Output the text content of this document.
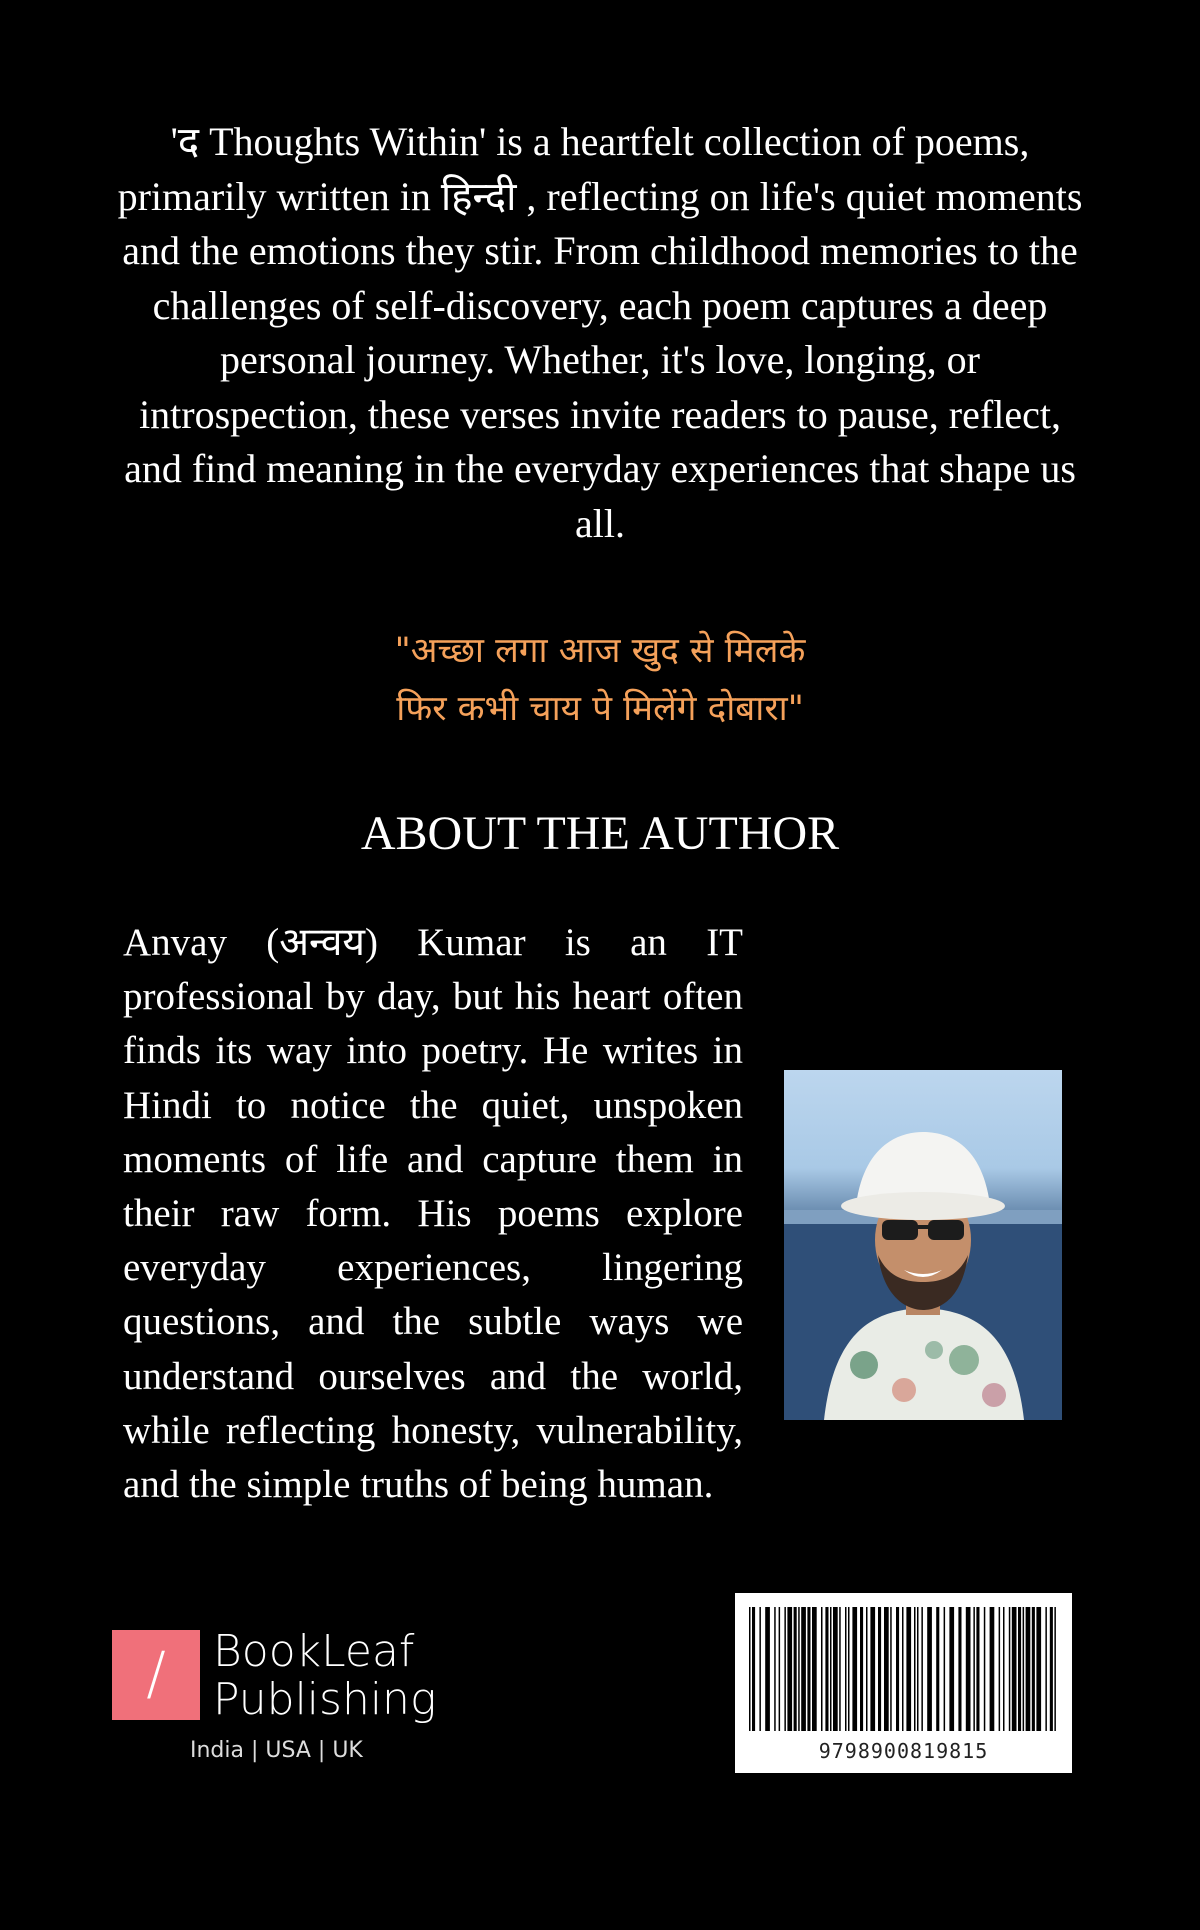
'द Thoughts Within' is a heartfelt collection of poems, primarily written in हिन्दी , reflecting on life's quiet moments and the emotions they stir. From childhood memories to the challenges of self-discovery, each poem captures a deep personal journey. Whether, it's love, longing, or introspection, these verses invite readers to pause, reflect, and find meaning in the everyday experiences that shape us all.

"अच्छा लगा आज खुद से मिलके
फिर कभी चाय पे मिलेंगे दोबारा"
ABOUT THE AUTHOR

Anvay (अन्वय) Kumar is an IT professional by day, but his heart often finds its way into poetry. He writes in Hindi to notice the quiet, unspoken moments of life and capture them in their raw form. His poems explore everyday experiences, lingering questions, and the subtle ways we understand ourselves and the world, while reflecting honesty, vulnerability, and the simple truths of being human.

9798900819815
/	BookLeaf
Publishing
India | USA | UK
